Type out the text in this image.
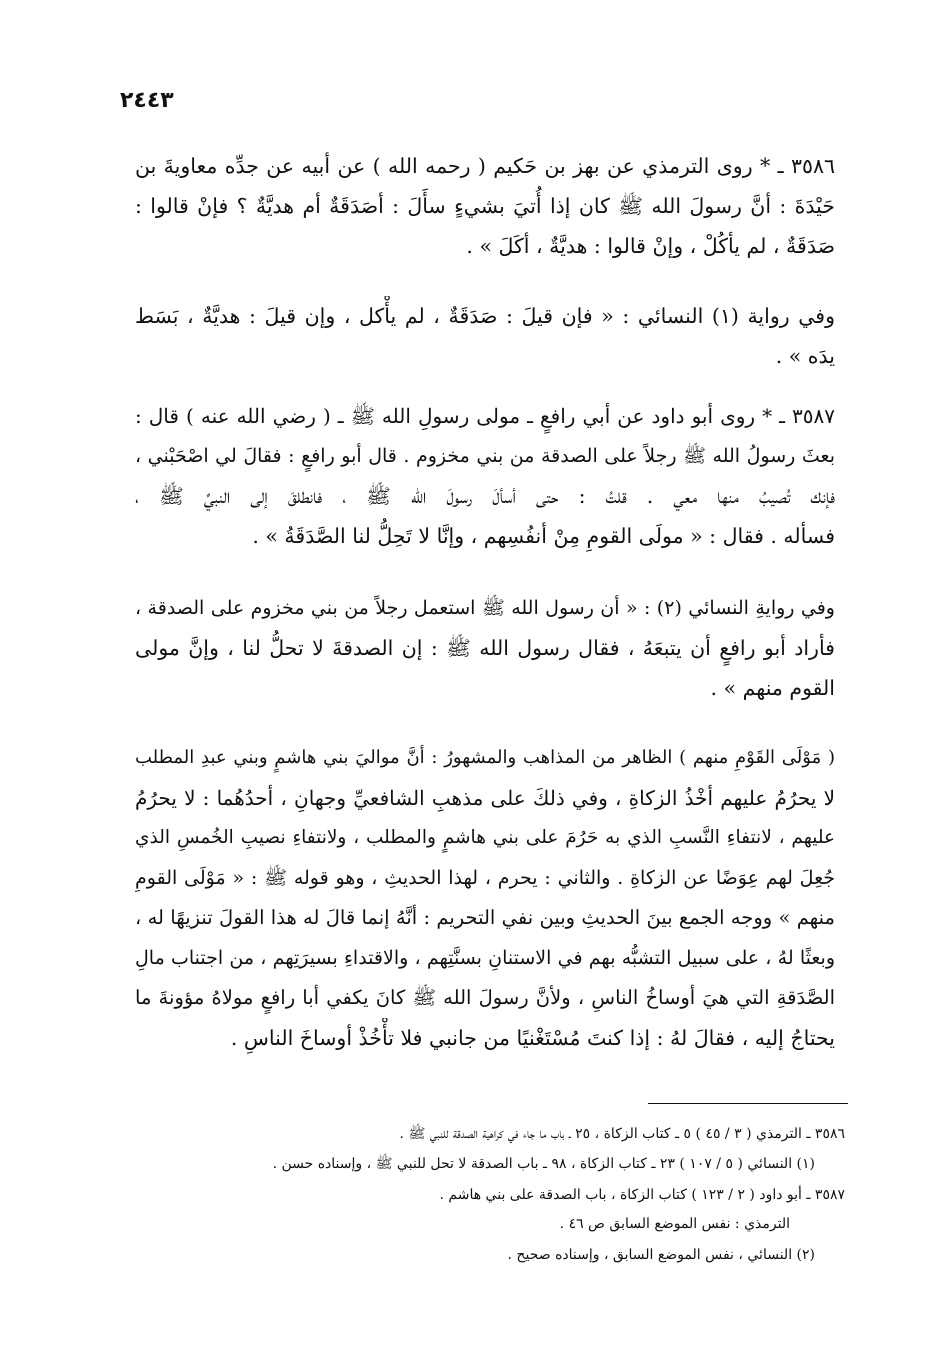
٢٤٤٣
٣٥٨٦ ـ * روى الترمذي عن بهز بن حَكيم ( رحمه الله ) عن أبيه عن جدِّه معاويةَ بن
حَيْدَةَ : أنَّ رسولَ الله ﷺ كان إذا أُتيَ بشيءٍ سأَلَ : أصَدَقَةٌ أم هديَّةٌ ؟ فإنْ قالوا :
صَدَقَةٌ ، لم يأكُلْ ، وإنْ قالوا : هديَّةٌ ، أكَلَ » .
وفي رواية (١) النسائي : « فإن قيلَ : صَدَقَةٌ ، لم يأْكل ، وإن قيلَ : هديَّةٌ ، بَسَط
يدَه » .
٣٥٨٧ ـ * روى أبو داود عن أبي رافعٍ ـ مولى رسولِ الله ﷺ ـ ( رضي الله عنه ) قال :
بعثَ رسولُ الله ﷺ رجلاً على الصدقة من بني مخزوم . قال أبو رافعٍ : فقالَ لي اصْحَبْني ،
فإنك تُصيبُ منها معي . قلتُ : حتى أسألَ رسولَ الله ﷺ ، فانطلقَ إلى النبيِّ ﷺ ،
فسأله . فقال : « مولَى القومِ مِنْ أنفُسِهم ، وإنَّا لا تَحِلُّ لنا الصَّدَقَةُ » .
وفي روايةِ النسائي (٢) : « أن رسول الله ﷺ استعمل رجلاً من بني مخزوم على الصدقة ،
فأراد أبو رافعٍ أن يتبعَهُ ، فقال رسول الله ﷺ : إن الصدقةَ لا تحلُّ لنا ، وإنَّ مولى
القوم منهم » .
( مَوْلَى القَوْمِ منهم ) الظاهر من المذاهب والمشهورُ : أنَّ مواليَ بني هاشمٍ وبني عبدِ المطلب
لا يحرُمُ عليهم أخْذُ الزكاةِ ، وفي ذلكَ على مذهبِ الشافعيِّ وجهانِ ، أحدُهُما : لا يحرُمُ
عليهم ، لانتفاءِ النَّسبِ الذي به حَرُمَ على بني هاشمٍ والمطلب ، ولانتفاءِ نصيبِ الخُمسِ الذي
جُعِلَ لهم عِوَضًا عن الزكاةِ . والثاني : يحرم ، لهذا الحديثِ ، وهو قوله ﷺ : « مَوْلَى القومِ
منهم » ووجه الجمع بينَ الحديثِ وبين نفي التحريم : أنَّهُ إنما قالَ له هذا القولَ تنزيهًا له ،
وبعثًا لهُ ، على سبيل التشبُّه بهم في الاستنانِ بسنَّتِهم ، والاقتداءِ بسيرَتِهم ، من اجتناب مالِ
الصَّدَقةِ التي هيَ أوساخُ الناسِ ، ولأنَّ رسولَ الله ﷺ كانَ يكفي أبا رافعٍ مولاهُ مؤونةَ ما
يحتاجُ إليه ، فقالَ لهُ : إذا كنتَ مُسْتَغْنيًا من جانبي فلا تأْخُذْ أوساخَ الناسِ .
٣٥٨٦ ـ الترمذي ( ٣ / ٤٥ ) ٥ ـ كتاب الزكاة ، ٢٥ ـ باب ما جاء في كراهية الصدقة للنبي ﷺ .
(١) النسائي ( ٥ / ١٠٧ ) ٢٣ ـ كتاب الزكاة ، ٩٨ ـ باب الصدقة لا تحل للنبي ﷺ ، وإسناده حسن .
٣٥٨٧ ـ أبو داود ( ٢ / ١٢٣ ) كتاب الزكاة ، باب الصدقة على بني هاشم .
الترمذي : نفس الموضع السابق ص ٤٦ .
(٢) النسائي ، نفس الموضع السابق ، وإسناده صحيح .
